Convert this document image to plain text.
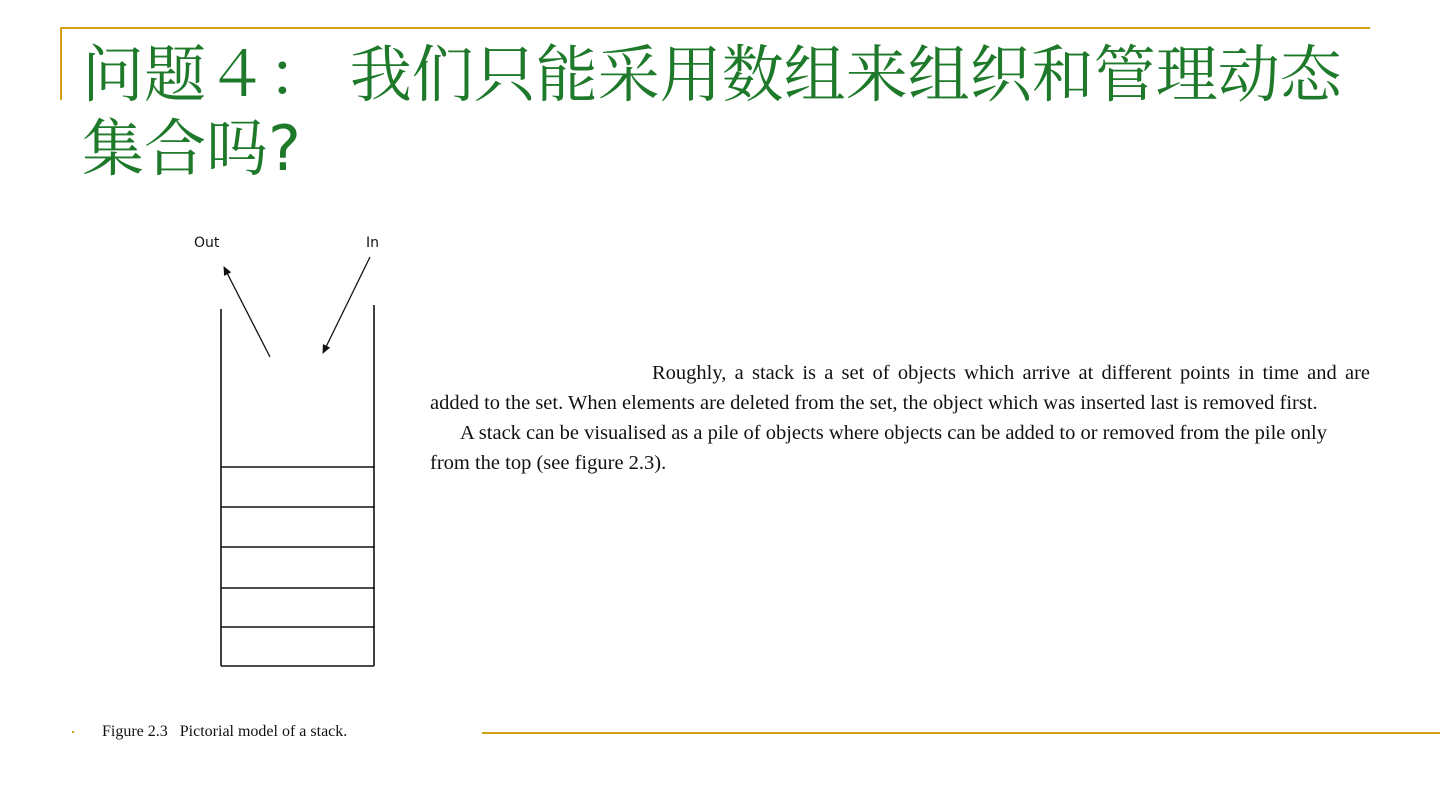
问题４： 我们只能采用数组来组织和管理动态集合吗?
Out	In

Roughly, a stack is a set of objects which arrive at different points in time and are added to the set. When elements are deleted from the set, the object which was inserted last is removed first.

A stack can be visualised as a pile of objects where objects can be added to or removed from the pile only from the top (see figure 2.3).

Figure 2.3   Pictorial model of a stack.
